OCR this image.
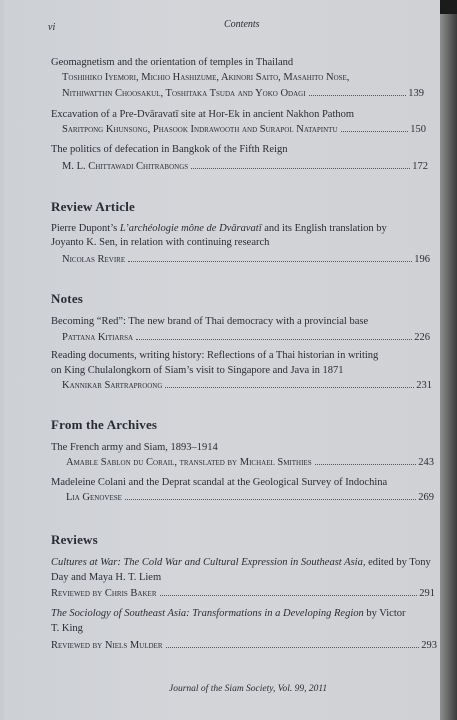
vi	Contents
Geomagnetism and the orientation of temples in Thailand
Toshihiko Iyemori, Michio Hashizume, Akinori Saito, Masahito Nose,
Nithiwatthn Choosakul, Toshitaka Tsuda and Yoko Odagi	139
Excavation of a Pre-Dvāravatī site at Hor-Ek in ancient Nakhon Pathom
Saritpong Khunsong, Phasook Indrawooth and Surapol Natapintu	150
The politics of defecation in Bangkok of the Fifth Reign
M. L. Chittawadi Chitrabongs	172
Review Article
Pierre Dupont’s L’archéologie mône de Dvāravatī and its English translation by
Joyanto K. Sen, in relation with continuing research
Nicolas Revire	196
Notes
Becoming “Red”: The new brand of Thai democracy with a provincial base
Pattana Kitiarsa	226
Reading documents, writing history: Reflections of a Thai historian in writing
on King Chulalongkorn of Siam’s visit to Singapore and Java in 1871
Kannikar Sartraproong	231
From the Archives
The French army and Siam, 1893–1914
Amable Sablon du Corail, translated by Michael Smithies	243
Madeleine Colani and the Deprat scandal at the Geological Survey of Indochina
Lia Genovese	269
Reviews
Cultures at War: The Cold War and Cultural Expression in Southeast Asia, edited by Tony
Day and Maya H. T. Liem
Reviewed by Chris Baker	291
The Sociology of Southeast Asia: Transformations in a Developing Region by Victor
T. King
Reviewed by Niels Mulder	293
Journal of the Siam Society, Vol. 99, 2011
